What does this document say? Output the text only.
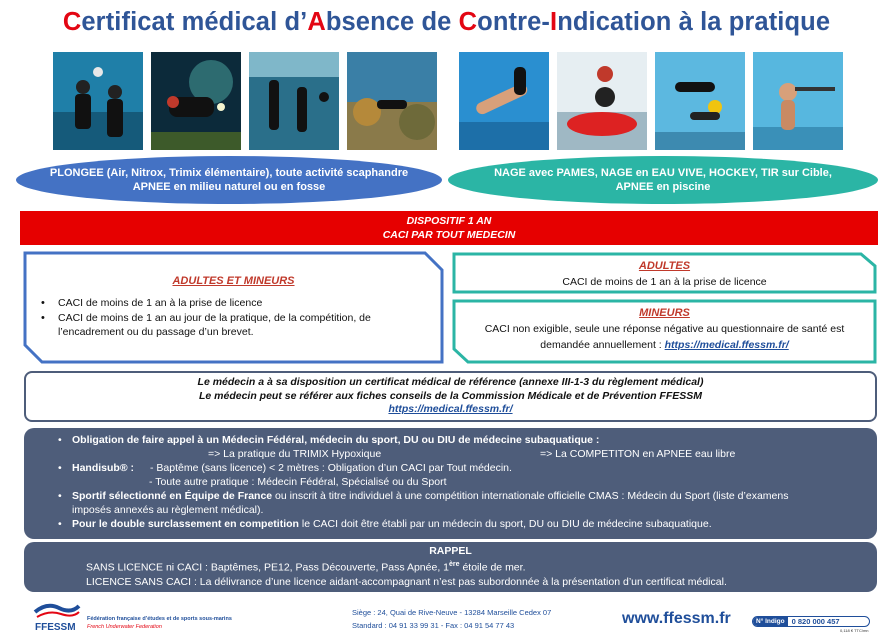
Certificat médical d’Absence de Contre-Indication à la pratique
PLONGEE (Air, Nitrox, Trimix élémentaire), toute activité scaphandre
APNEE en milieu naturel ou en fosse
NAGE avec PAMES, NAGE en EAU VIVE, HOCKEY, TIR sur Cible,
APNEE en piscine
DISPOSITIF 1 AN
CACI PAR TOUT MEDECIN
ADULTES ET MINEURS
• CACI de moins de 1 an à la prise de licence
• CACI de moins de 1 an au jour de la pratique, de la compétition, de l’encadrement ou du passage d’un brevet.
ADULTES
CACI de moins de 1 an à la prise de licence
MINEURS
CACI non exigible, seule une réponse négative au questionnaire de santé est
demandée annuellement : https://medical.ffessm.fr/
Le médecin a à sa disposition un certificat médical de référence (annexe III-1-3 du règlement médical)
Le médecin peut se référer aux fiches conseils de la Commission Médicale et de Prévention FFESSM
https://medical.ffessm.fr/
• Obligation de faire appel à un Médecin Fédéral, médecin du sport, DU ou DIU de médecine subaquatique :
=> La pratique du TRIMIX Hypoxique	=> La COMPETITON en APNEE eau libre
• Handisub® : - Baptême (sans licence) < 2 mètres : Obligation d’un CACI par Tout médecin.
- Toute autre pratique : Médecin Fédéral, Spécialisé ou du Sport
• Sportif sélectionné en Équipe de France ou inscrit à titre individuel à une compétition internationale officielle CMAS : Médecin du Sport (liste d’examens
imposés annexés au règlement médical).
• Pour le double surclassement en competition le CACI doit être établi par un médecin du sport, DU ou DIU de médecine subaquatique.
RAPPEL
SANS LICENCE ni CACI : Baptêmes, PE12, Pass Découverte, Pass Apnée, 1ère étoile de mer.
LICENCE SANS CACI : La délivrance d’une licence aidant-accompagnant n’est pas subordonnée à la présentation d’un certificat médical.
FFESSM
Fédération française d’études et de sports sous-marins
French Underwater Federation
Siège : 24, Quai de Rive-Neuve - 13284 Marseille Cedex 07
Standard : 04 91 33 99 31 - Fax : 04 91 54 77 43	www.ffessm.fr	N° Indigo 0 820 000 457
0,118 € TTC/mn
